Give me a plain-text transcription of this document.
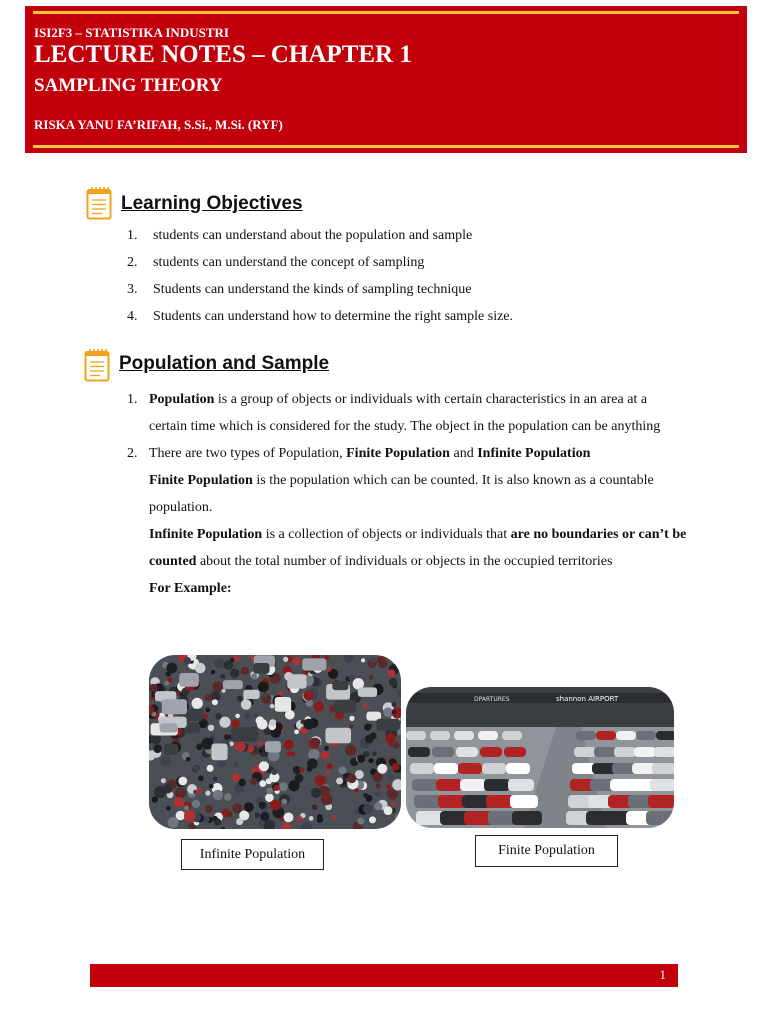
ISI2F3 – STATISTIKA INDUSTRI
LECTURE NOTES – CHAPTER 1
SAMPLING THEORY
RISKA YANU FA’RIFAH, S.Si., M.Si. (RYF)
Learning Objectives
1.	students can understand about the population and sample
2.	students can understand the concept of sampling
3.	Students can understand the kinds of sampling technique
4.	Students can understand how to determine the right sample size.
Population and Sample
1. Population is a group of objects or individuals with certain characteristics in an area at a certain time which is considered for the study. The object in the population can be anything
2. There are two types of Population, Finite Population and Infinite Population

Finite Population is the population which can be counted. It is also known as a countable population.

Infinite Population is a collection of objects or individuals that are no boundaries or can’t be counted about the total number of individuals or objects in the occupied territories

For Example:

DPARTURES	shannon AIRPORT
Infinite Population	Finite Population
1
